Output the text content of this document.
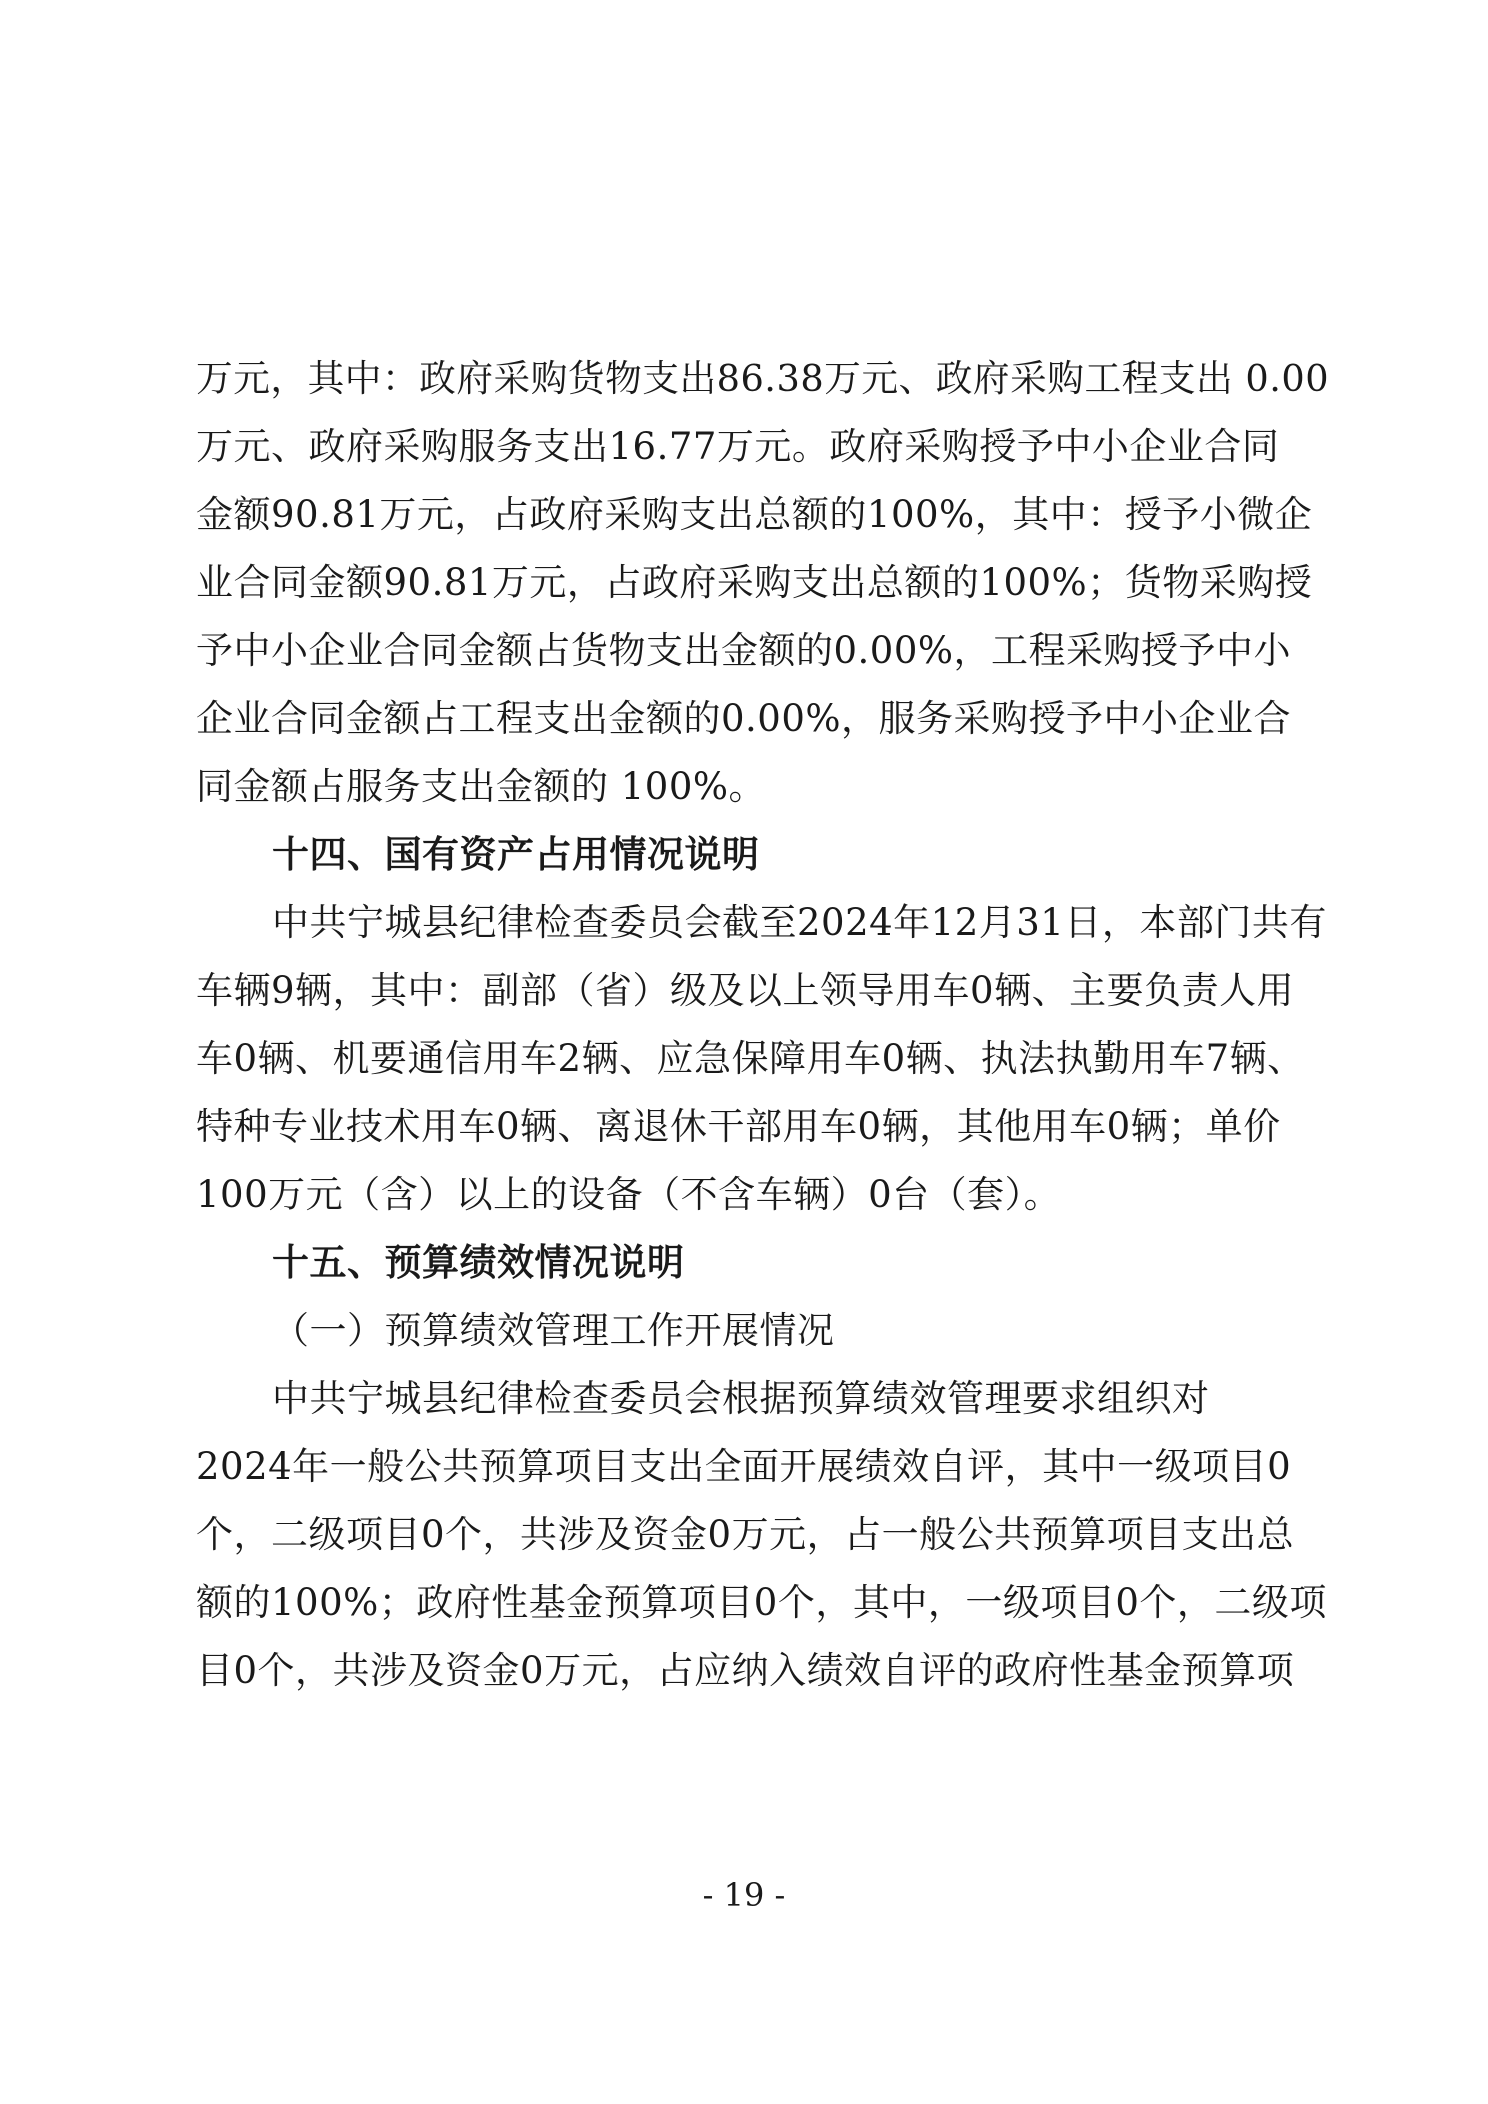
万元，其中：政府采购货物支出86.38万元、政府采购工程支出 0.00
万元、政府采购服务支出16.77万元。政府采购授予中小企业合同
金额90.81万元，占政府采购支出总额的100%，其中：授予小微企
业合同金额90.81万元，占政府采购支出总额的100%；货物采购授
予中小企业合同金额占货物支出金额的0.00%，工程采购授予中小
企业合同金额占工程支出金额的0.00%，服务采购授予中小企业合
同金额占服务支出金额的 100%。
十四、国有资产占用情况说明
中共宁城县纪律检查委员会截至2024年12月31日，本部门共有
车辆9辆，其中：副部（省）级及以上领导用车0辆、主要负责人用
车0辆、机要通信用车2辆、应急保障用车0辆、执法执勤用车7辆、
特种专业技术用车0辆、离退休干部用车0辆，其他用车0辆；单价
100万元（含）以上的设备（不含车辆）0台（套）。
十五、预算绩效情况说明
（一）预算绩效管理工作开展情况
中共宁城县纪律检查委员会根据预算绩效管理要求组织对
2024年一般公共预算项目支出全面开展绩效自评，其中一级项目0
个，二级项目0个，共涉及资金0万元，占一般公共预算项目支出总
额的100%；政府性基金预算项目0个，其中，一级项目0个，二级项
目0个，共涉及资金0万元，占应纳入绩效自评的政府性基金预算项
- 19 -
